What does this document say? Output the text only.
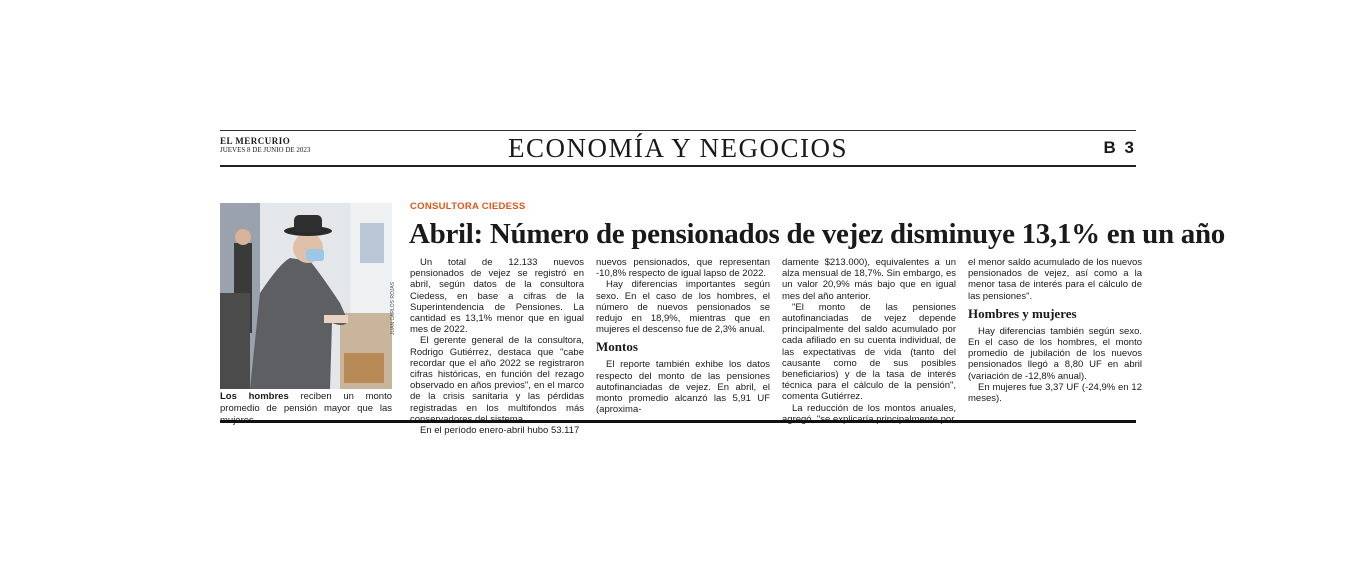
EL MERCURIO
JUEVES 8 DE JUNIO DE 2023	ECONOMÍA Y NEGOCIOS	B 3
JUAN CARLOS ROJAS
Los hombres reciben un monto promedio de pensión mayor que las
CONSULTORA CIEDESS
Abril: Número de pensionados de vejez disminuye 13,1% en un año

Un total de 12.133 nuevos pensionados de vejez se registró en abril, según datos de la consultora Ciedess, en base a cifras de la Superintendencia de Pensiones. La cantidad es 13,1% menor que en igual mes de 2022.

El gerente general de la consultora, Rodrigo Gutiérrez, destaca que "cabe recordar que el año 2022 se registraron cifras históricas, en función del rezago observado en años previos", en el marco de la crisis sanitaria y las pérdidas registradas en los multifondos más

En el período enero-abril hubo 53.117

nuevos pensionados, que representan -10,8% respecto de igual lapso de 2022.

Hay diferencias importantes según sexo. En el caso de los hombres, el número de nuevos pensionados se redujo en 18,9%, mientras que en mujeres el descenso fue de 2,3% anual.

Montos

El reporte también exhibe los datos respecto del monto de las pensiones autofinanciadas de vejez. En abril, el monto promedio alcanzó las 5,91 UF (aproxima-

damente $213.000), equivalentes a un alza mensual de 18,7%. Sin embargo, es un valor 20,9% más bajo que en igual mes del año anterior.

"El monto de las pensiones autofinanciadas de vejez depende principalmente del saldo acumulado por cada afiliado en su cuenta individual, de las expectativas de vida (tanto del causante como de sus posibles beneficiarios) y de la tasa de interés técnica para el cálculo de la pensión", comenta Gutiérrez.

La reducción de los montos anuales,

el menor saldo acumulado de los nuevos pensionados de vejez, así como a la menor tasa de interés para el cálculo de las pensiones".

Hombres y mujeres

Hay diferencias también según sexo. En el caso de los hombres, el monto promedio de jubilación de los nuevos pensionados llegó a 8,80 UF en abril (variación de -12,8% anual).

En mujeres fue 3,37 UF (-24,9% en 12 meses).
